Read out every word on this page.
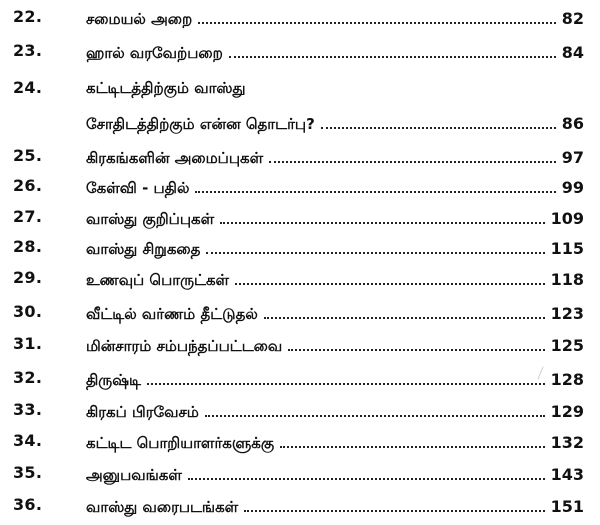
22.	சமையல் அறை	82
23.	ஹால் வரவேற்பறை	84
24.	கட்டிடத்திற்கும் வாஸ்து
சோதிடத்திற்கும் என்ன தொடர்பு?	86
25.	கிரகங்களின் அமைப்புகள்	97
26.	கேள்வி - பதில்	99
27.	வாஸ்து குறிப்புகள்	109
28.	வாஸ்து சிறுகதை	115
29.	உணவுப் பொருட்கள்	118
30.	வீட்டில் வர்ணம் தீட்டுதல்	123
31.	மின்சாரம் சம்பந்தப்பட்டவை	125
32.	திருஷ்டி	128
33.	கிரகப் பிரவேசம்	129
34.	கட்டிட பொறியாளர்களுக்கு	132
35.	அனுபவங்கள்	143
36.	வாஸ்து வரைபடங்கள்	151
